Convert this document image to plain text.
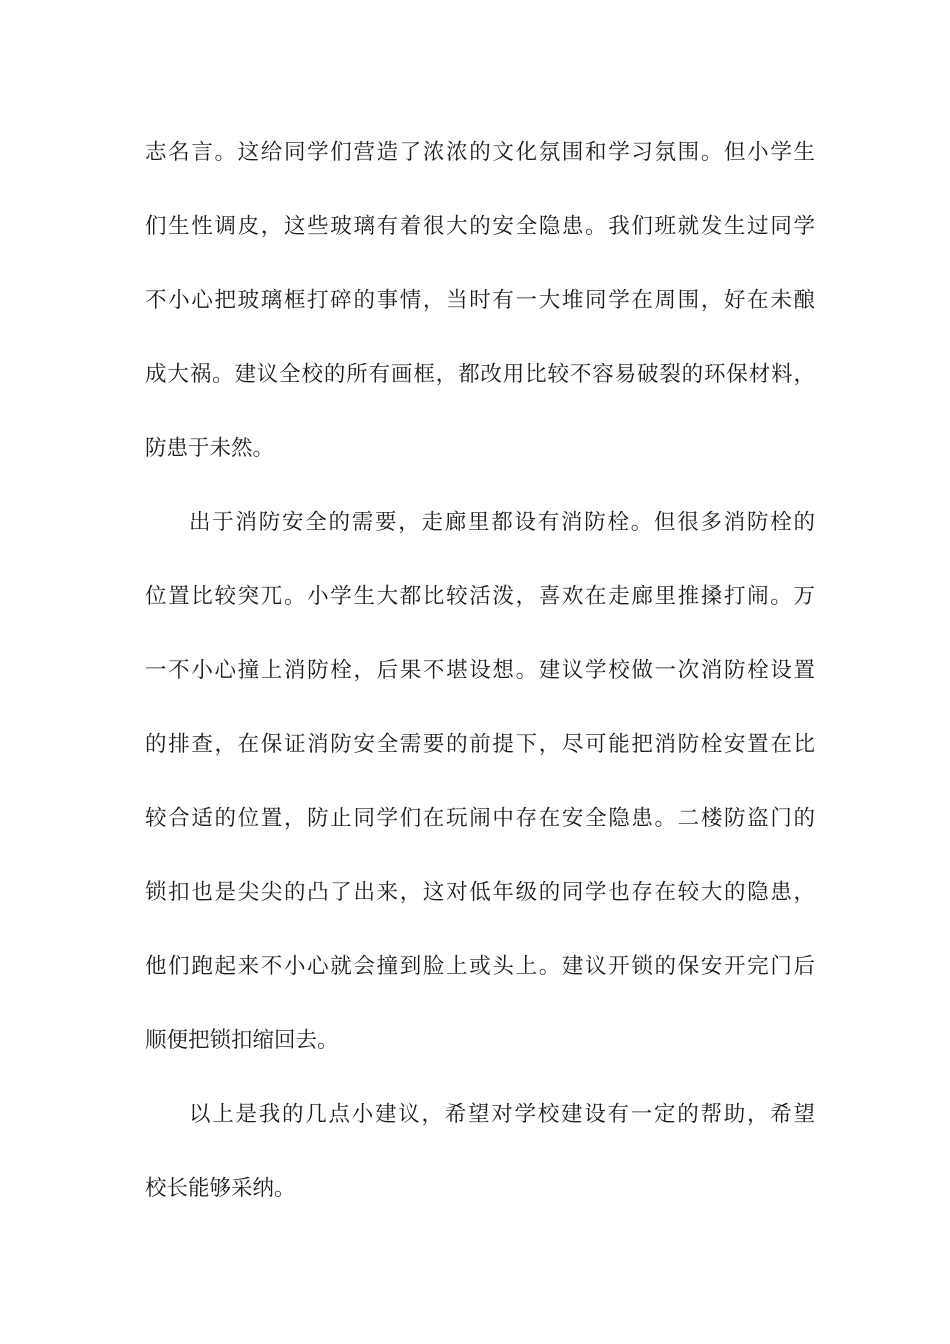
志名言。这给同学们营造了浓浓的文化氛围和学习氛围。但小学生
们生性调皮，这些玻璃有着很大的安全隐患。我们班就发生过同学
不小心把玻璃框打碎的事情，当时有一大堆同学在周围，好在未酿
成大祸。建议全校的所有画框，都改用比较不容易破裂的环保材料，
防患于未然。
出于消防安全的需要，走廊里都设有消防栓。但很多消防栓的
位置比较突兀。小学生大都比较活泼，喜欢在走廊里推搡打闹。万
一不小心撞上消防栓，后果不堪设想。建议学校做一次消防栓设置
的排查，在保证消防安全需要的前提下，尽可能把消防栓安置在比
较合适的位置，防止同学们在玩闹中存在安全隐患。二楼防盗门的
锁扣也是尖尖的凸了出来，这对低年级的同学也存在较大的隐患，
他们跑起来不小心就会撞到脸上或头上。建议开锁的保安开完门后
顺便把锁扣缩回去。
以上是我的几点小建议，希望对学校建设有一定的帮助，希望
校长能够采纳。
